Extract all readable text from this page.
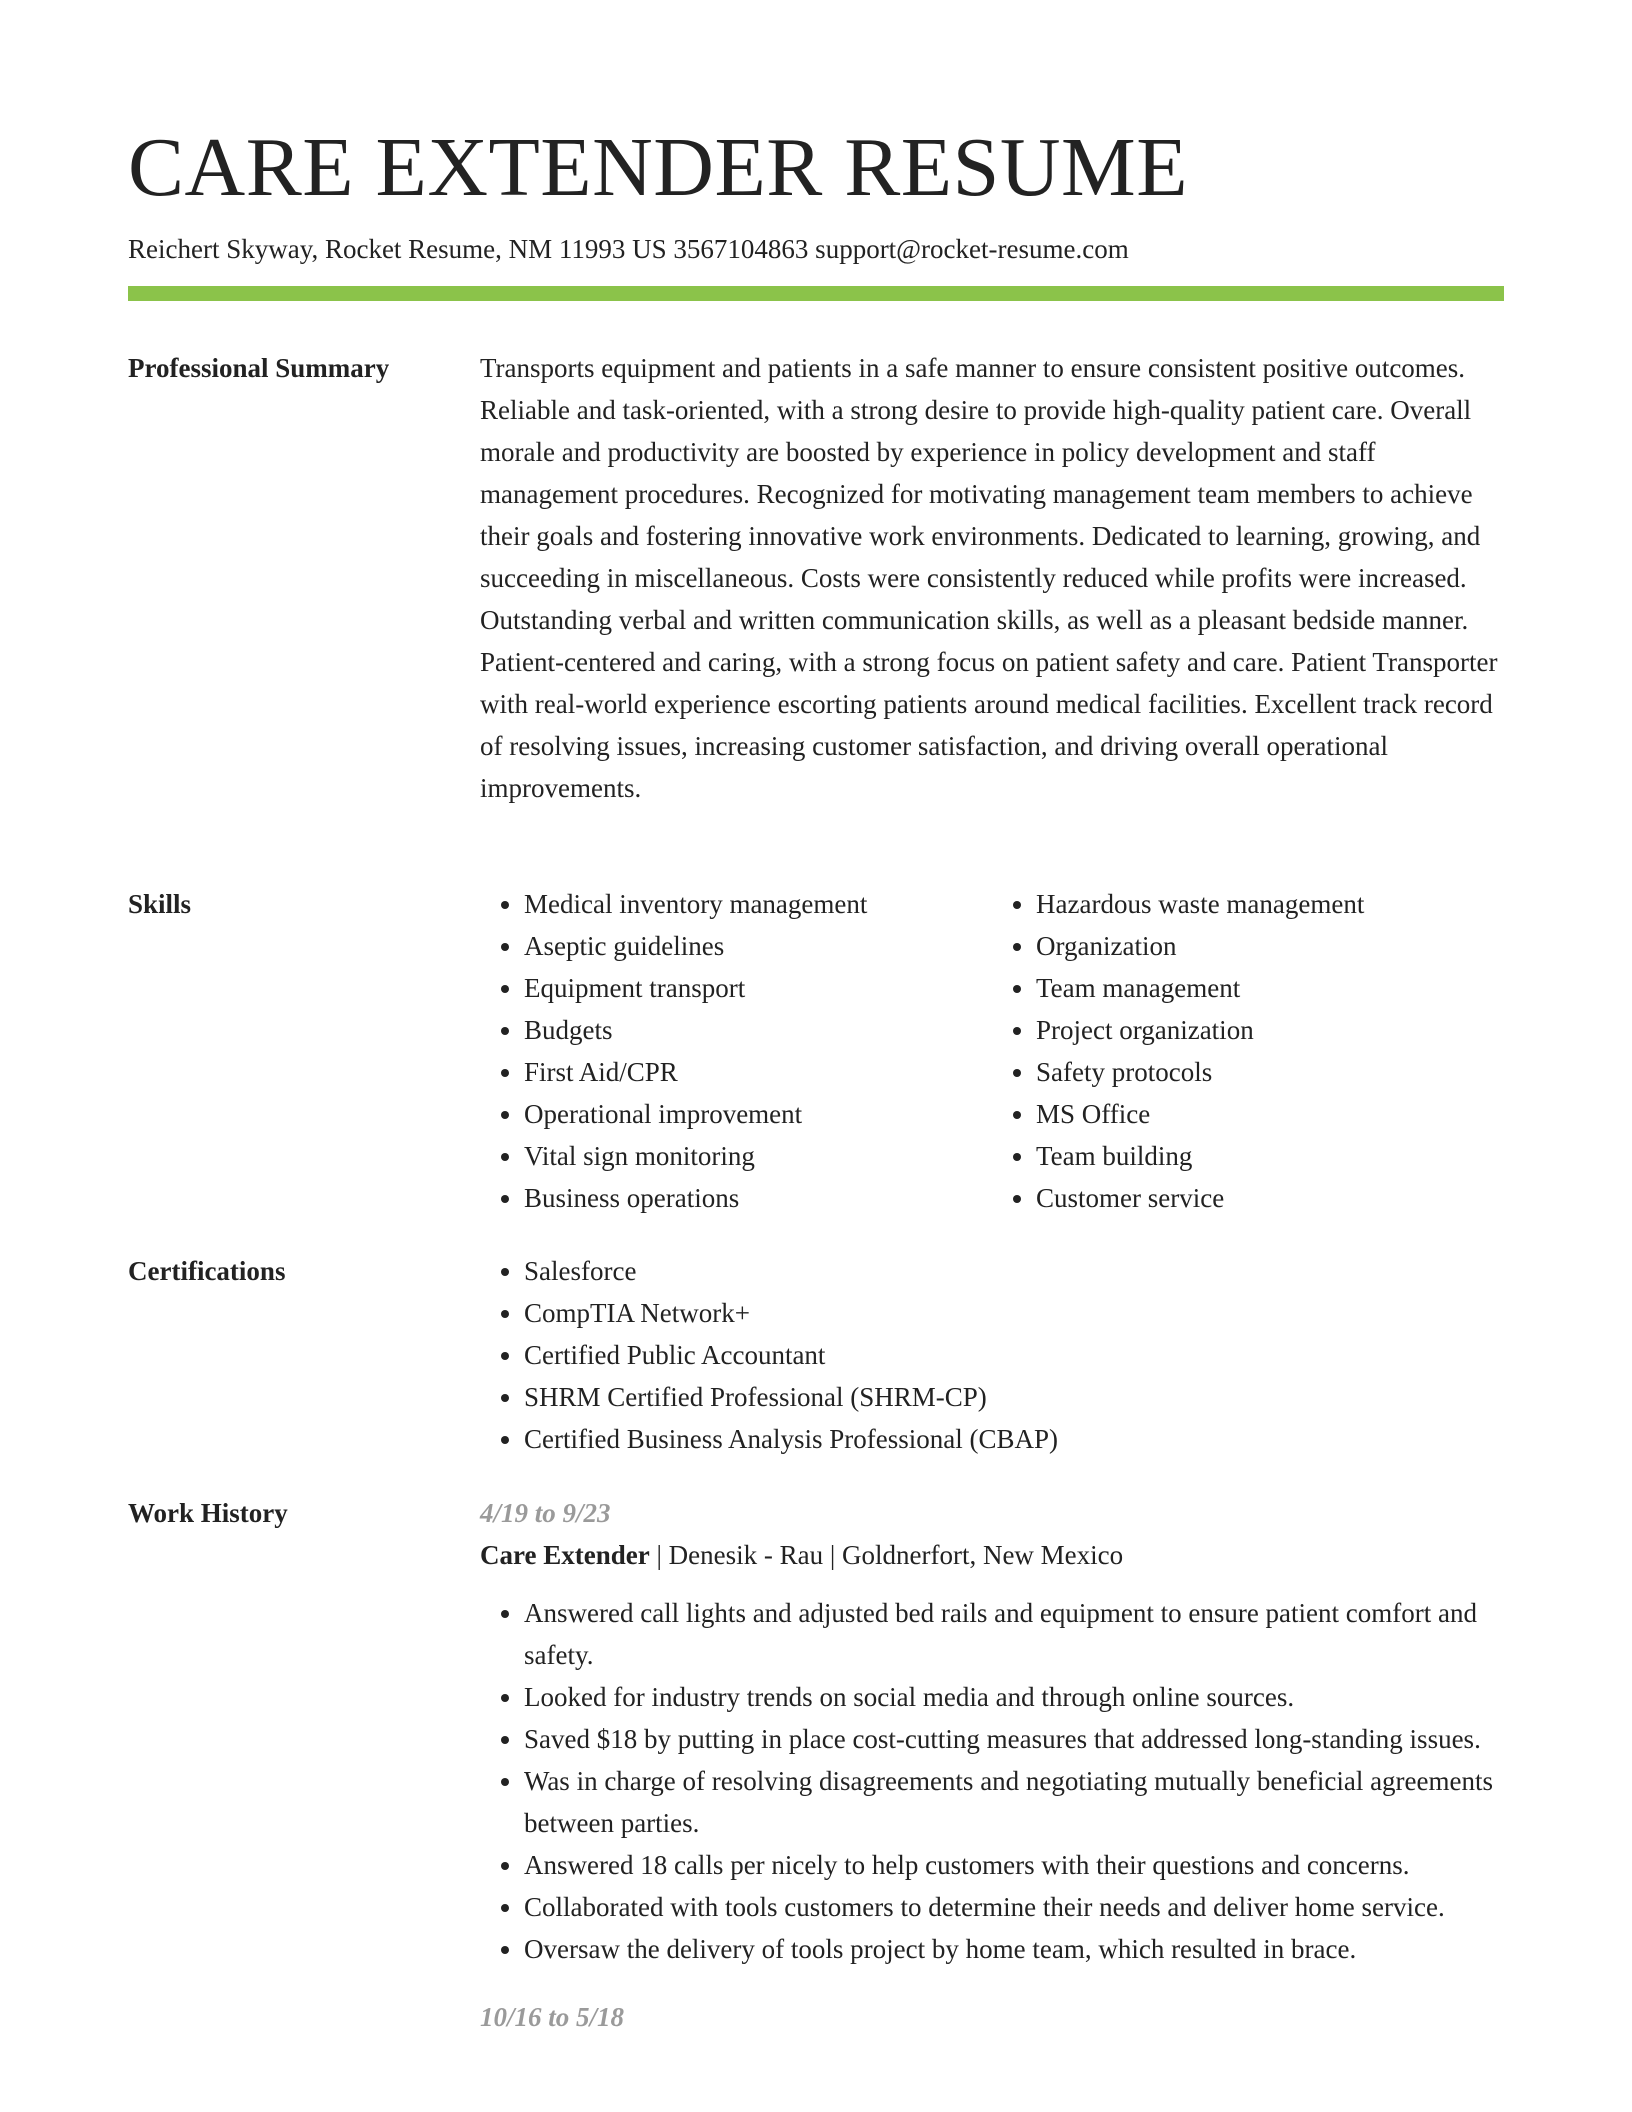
CARE EXTENDER RESUME
Reichert Skyway, Rocket Resume, NM 11993 US 3567104863 support@rocket-resume.com
Professional Summary	Transports equipment and patients in a safe manner to ensure consistent positive outcomes. Reliable and task-oriented, with a strong desire to provide high-quality patient care. Overall morale and productivity are boosted by experience in policy development and staff management procedures. Recognized for motivating management team members to achieve their goals and fostering innovative work environments. Dedicated to learning, growing, and succeeding in miscellaneous. Costs were consistently reduced while profits were increased. Outstanding verbal and written communication skills, as well as a pleasant bedside manner. Patient-centered and caring, with a strong focus on patient safety and care. Patient Transporter with real-world experience escorting patients around medical facilities. Excellent track record of resolving issues, increasing customer satisfaction, and driving overall operational improvements.

Skills	• Medical inventory management
• Aseptic guidelines
• Equipment transport
• Budgets
• First Aid/CPR
• Operational improvement
• Vital sign monitoring
• Business operations
• Hazardous waste management
• Organization
• Team management
• Project organization
• Safety protocols
• MS Office
• Team building
• Customer service
Certifications	• Salesforce
• CompTIA Network+
• Certified Public Accountant
• SHRM Certified Professional (SHRM-CP)
• Certified Business Analysis Professional (CBAP)
Work History	4/19 to 9/23
Care Extender | Denesik - Rau | Goldnerfort, New Mexico
• Answered call lights and adjusted bed rails and equipment to ensure patient comfort and safety.
• Looked for industry trends on social media and through online sources.
• Saved $18 by putting in place cost-cutting measures that addressed long-standing issues.
• Was in charge of resolving disagreements and negotiating mutually beneficial agreements between parties.
• Answered 18 calls per nicely to help customers with their questions and concerns.
• Collaborated with tools customers to determine their needs and deliver home service.
• Oversaw the delivery of tools project by home team, which resulted in brace.
10/16 to 5/18
